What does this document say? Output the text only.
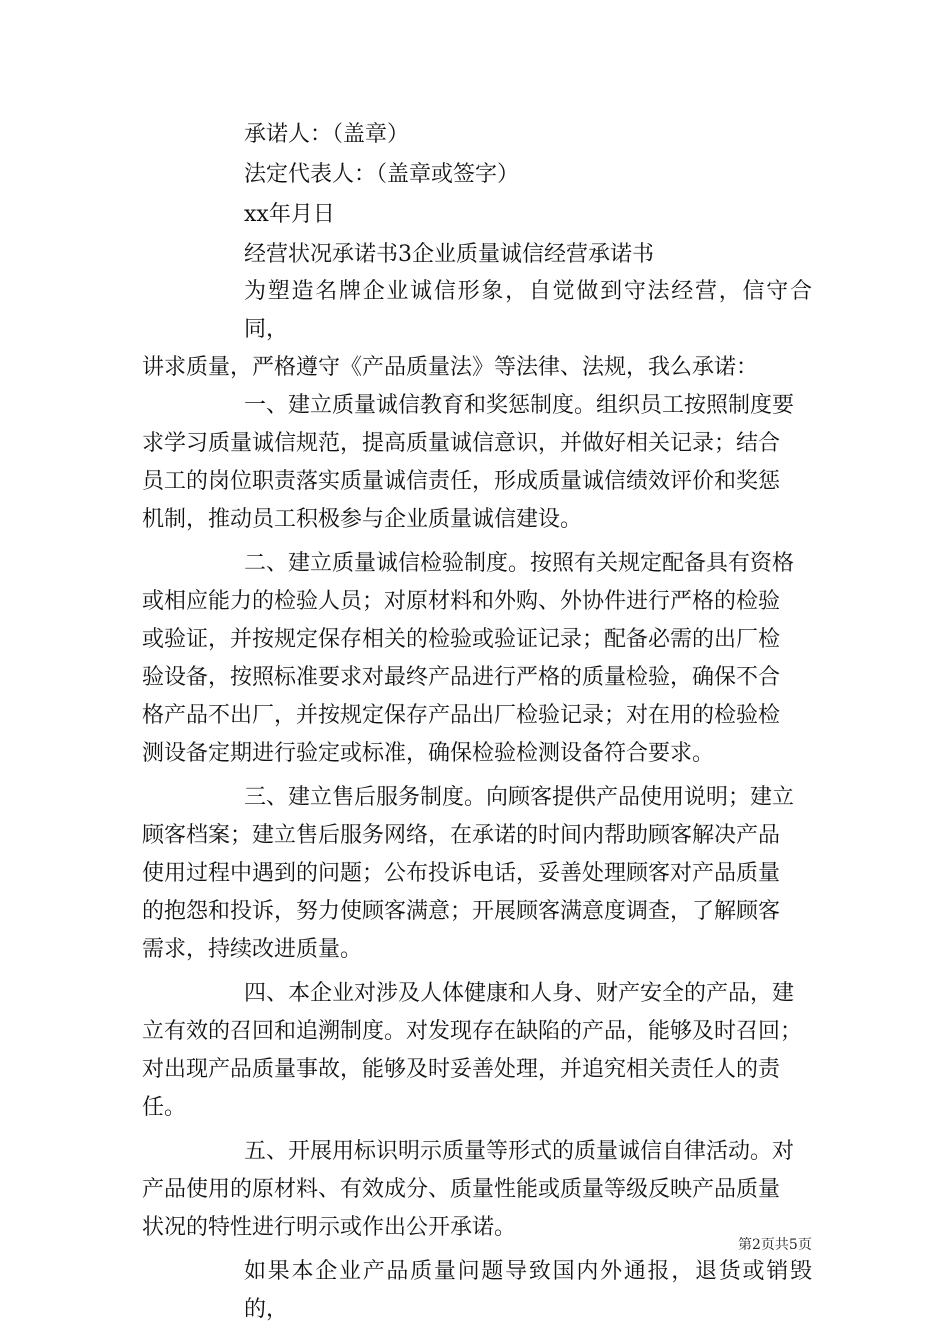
承诺人：（盖章）

法定代表人：（盖章或签字）

xx年月日

经营状况承诺书3企业质量诚信经营承诺书

为塑造名牌企业诚信形象，自觉做到守法经营，信守合同，

讲求质量，严格遵守《产品质量法》等法律、法规，我么承诺：

一、建立质量诚信教育和奖惩制度。组织员工按照制度要

求学习质量诚信规范，提高质量诚信意识，并做好相关记录；结合

员工的岗位职责落实质量诚信责任，形成质量诚信绩效评价和奖惩

机制，推动员工积极参与企业质量诚信建设。

二、建立质量诚信检验制度。按照有关规定配备具有资格

或相应能力的检验人员；对原材料和外购、外协件进行严格的检验

或验证，并按规定保存相关的检验或验证记录；配备必需的出厂检

验设备，按照标准要求对最终产品进行严格的质量检验，确保不合

格产品不出厂，并按规定保存产品出厂检验记录；对在用的检验检

测设备定期进行验定或标准，确保检验检测设备符合要求。

三、建立售后服务制度。向顾客提供产品使用说明；建立

顾客档案；建立售后服务网络，在承诺的时间内帮助顾客解决产品

使用过程中遇到的问题；公布投诉电话，妥善处理顾客对产品质量

的抱怨和投诉，努力使顾客满意；开展顾客满意度调查，了解顾客

需求，持续改进质量。

四、本企业对涉及人体健康和人身、财产安全的产品，建

立有效的召回和追溯制度。对发现存在缺陷的产品，能够及时召回；

对出现产品质量事故，能够及时妥善处理，并追究相关责任人的责

任。

五、开展用标识明示质量等形式的质量诚信自律活动。对

产品使用的原材料、有效成分、质量性能或质量等级反映产品质量

状况的特性进行明示或作出公开承诺。

如果本企业产品质量问题导致国内外通报，退货或销毁的，

第2页共5页
